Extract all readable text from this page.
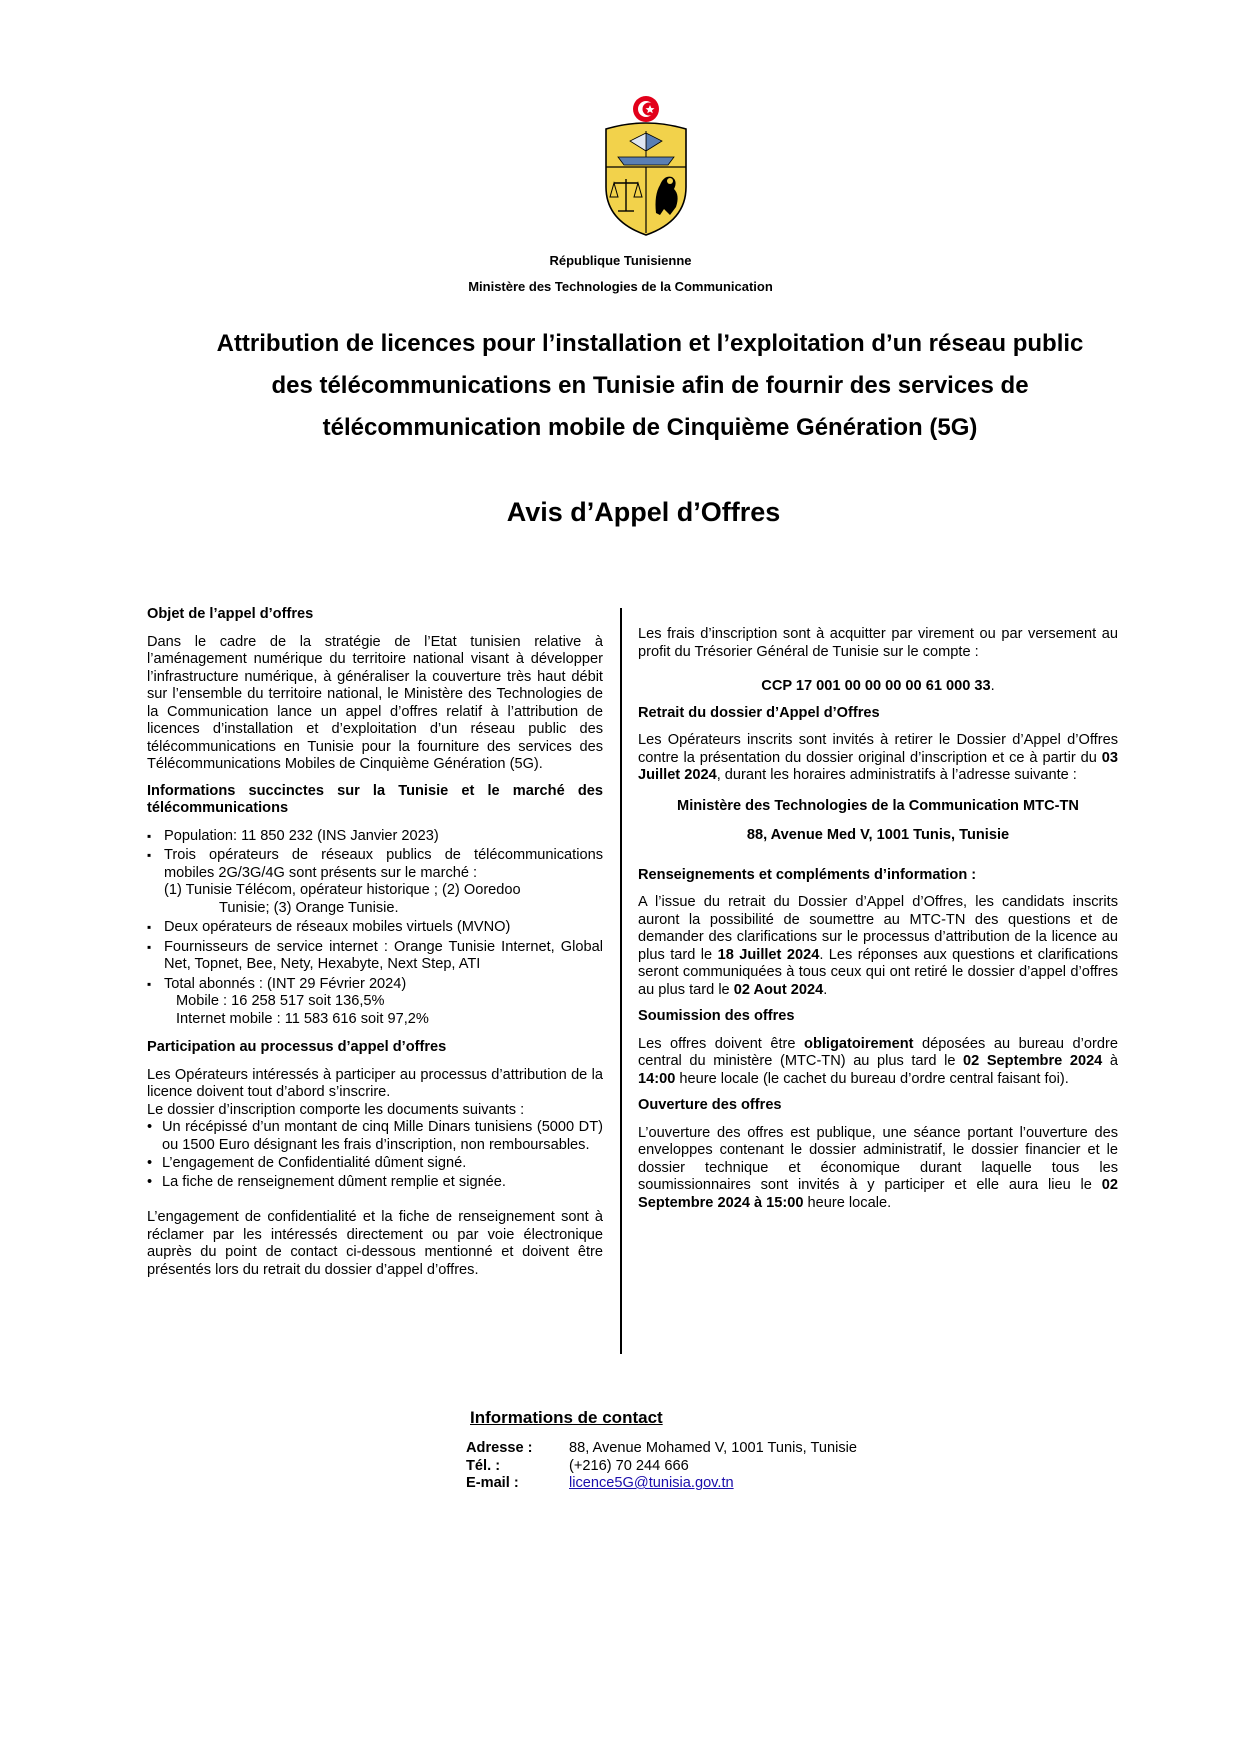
République Tunisienne
Ministère des Technologies de la Communication
Attribution de licences pour l’installation et l’exploitation d’un réseau public
des télécommunications en Tunisie afin de fournir des services de
télécommunication mobile de Cinquième Génération (5G)
Avis d’Appel d’Offres
Objet de l’appel d’offres

Dans le cadre de la stratégie de l’Etat tunisien relative à l’aménagement numérique du territoire national visant à développer l’infrastructure numérique, à généraliser la couverture très haut débit sur l’ensemble du territoire national, le Ministère des Technologies de la Communication lance un appel d’offres relatif à l’attribution de licences d’installation et d’exploitation d’un réseau public des télécommunications en Tunisie pour la fourniture des services des Télécommunications Mobiles de Cinquième Génération (5G).

Informations succinctes sur la Tunisie et le marché des télécommunications
▪ Population: 11 850 232 (INS Janvier 2023)
▪ Trois opérateurs de réseaux publics de télécommunications mobiles 2G/3G/4G sont présents sur le marché :
(1) Tunisie Télécom, opérateur historique ; (2) Ooredoo
Tunisie; (3) Orange Tunisie.
▪ Deux opérateurs de réseaux mobiles virtuels (MVNO)
▪ Fournisseurs de service internet : Orange Tunisie Internet, Global Net, Topnet, Bee, Nety, Hexabyte, Next Step, ATI
▪ Total abonnés : (INT 29 Février 2024)
Mobile : 16 258 517 soit 136,5%
Internet mobile : 11 583 616 soit 97,2%
Participation au processus d’appel d’offres

Les Opérateurs intéressés à participer au processus d’attribution de la licence doivent tout d’abord s’inscrire.

Le dossier d’inscription comporte les documents suivants :

• Un récépissé d’un montant de cinq Mille Dinars tunisiens (5000 DT) ou 1500 Euro désignant les frais d’inscription, non remboursables.
• L’engagement de Confidentialité dûment signé.
• La fiche de renseignement dûment remplie et signée.

L’engagement de confidentialité et la fiche de renseignement sont à réclamer par les intéressés directement ou par voie électronique auprès du point de contact ci-dessous mentionné et doivent être présentés lors du retrait du dossier d’appel d’offres.

Les frais d’inscription sont à acquitter par virement ou par versement au profit du Trésorier Général de Tunisie sur le compte :

CCP 17 001 00 00 00 00 61 000 33.

Retrait du dossier d’Appel d’Offres

Les Opérateurs inscrits sont invités à retirer le Dossier d’Appel d’Offres contre la présentation du dossier original d’inscription et ce à partir du 03 Juillet 2024, durant les horaires administratifs à l’adresse suivante :

Ministère des Technologies de la Communication MTC-TN

88, Avenue Med V, 1001 Tunis, Tunisie

Renseignements et compléments d’information :

A l’issue du retrait du Dossier d’Appel d’Offres, les candidats inscrits auront la possibilité de soumettre au MTC-TN des questions et de demander des clarifications sur le processus d’attribution de la licence au plus tard le 18 Juillet 2024. Les réponses aux questions et clarifications seront communiquées à tous ceux qui ont retiré le dossier d’appel d’offres au plus tard le 02 Aout 2024.

Soumission des offres

Les offres doivent être obligatoirement déposées au bureau d’ordre central du ministère (MTC-TN) au plus tard le 02 Septembre 2024 à 14:00 heure locale (le cachet du bureau d’ordre central faisant foi).

Ouverture des offres

L’ouverture des offres est publique, une séance portant l’ouverture des enveloppes contenant le dossier administratif, le dossier financier et le dossier technique et économique durant laquelle tous les soumissionnaires sont invités à y participer et elle aura lieu le 02 Septembre 2024 à 15:00 heure locale.

Informations de contact
Adresse :	88, Avenue Mohamed V, 1001 Tunis, Tunisie
Tél. :	(+216) 70 244 666
E-mail :	licence5G@tunisia.gov.tn
